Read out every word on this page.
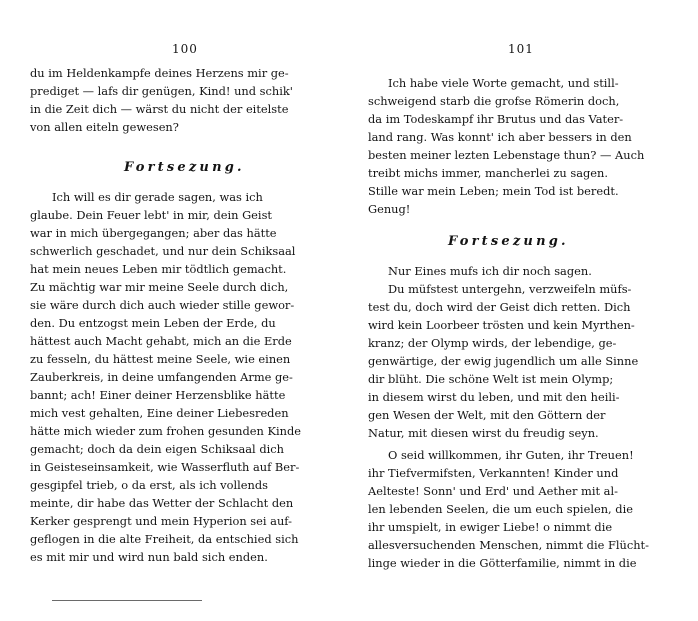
100
du im Heldenkampfe deines Herzens mir ge-
prediget — lafs dir genügen, Kind! und schik'
in die Zeit dich — wärst du nicht der eitelste
von allen eiteln gewesen?
Fortsezung.
Ich will es dir gerade sagen, was ich
glaube. Dein Feuer lebt' in mir, dein Geist
war in mich übergegangen; aber das hätte
schwerlich geschadet, und nur dein Schiksaal
hat mein neues Leben mir tödtlich gemacht.
Zu mächtig war mir meine Seele durch dich,
sie wäre durch dich auch wieder stille gewor-
den. Du entzogst mein Leben der Erde, du
hättest auch Macht gehabt, mich an die Erde
zu fesseln, du hättest meine Seele, wie einen
Zauberkreis, in deine umfangenden Arme ge-
bannt; ach! Einer deiner Herzensblike hätte
mich vest gehalten, Eine deiner Liebesreden
hätte mich wieder zum frohen gesunden Kinde
gemacht; doch da dein eigen Schiksaal dich
in Geisteseinsamkeit, wie Wasserfluth auf Ber-
gesgipfel trieb, o da erst, als ich vollends
meinte, dir habe das Wetter der Schlacht den
Kerker gesprengt und mein Hyperion sei auf-
geflogen in die alte Freiheit, da entschied sich
es mit mir und wird nun bald sich enden.
101
Ich habe viele Worte gemacht, und still-
schweigend starb die grofse Römerin doch,
da im Todeskampf ihr Brutus und das Vater-
land rang. Was konnt' ich aber bessers in den
besten meiner lezten Lebenstage thun? — Auch
treibt michs immer, mancherlei zu sagen.
Stille war mein Leben; mein Tod ist beredt.
Genug!
Fortsezung.
Nur Eines mufs ich dir noch sagen.
Du müfstest untergehn, verzweifeln müfs-
test du, doch wird der Geist dich retten. Dich
wird kein Loorbeer trösten und kein Myrthen-
kranz; der Olymp wirds, der lebendige, ge-
genwärtige, der ewig jugendlich um alle Sinne
dir blüht. Die schöne Welt ist mein Olymp;
in diesem wirst du leben, und mit den heili-
gen Wesen der Welt, mit den Göttern der
Natur, mit diesen wirst du freudig seyn.
O seid willkommen, ihr Guten, ihr Treuen!
ihr Tiefvermifsten, Verkannten! Kinder und
Aelteste! Sonn' und Erd' und Aether mit al-
len lebenden Seelen, die um euch spielen, die
ihr umspielt, in ewiger Liebe! o nimmt die
allesversuchenden Menschen, nimmt die Flücht-
linge wieder in die Götterfamilie, nimmt in die
